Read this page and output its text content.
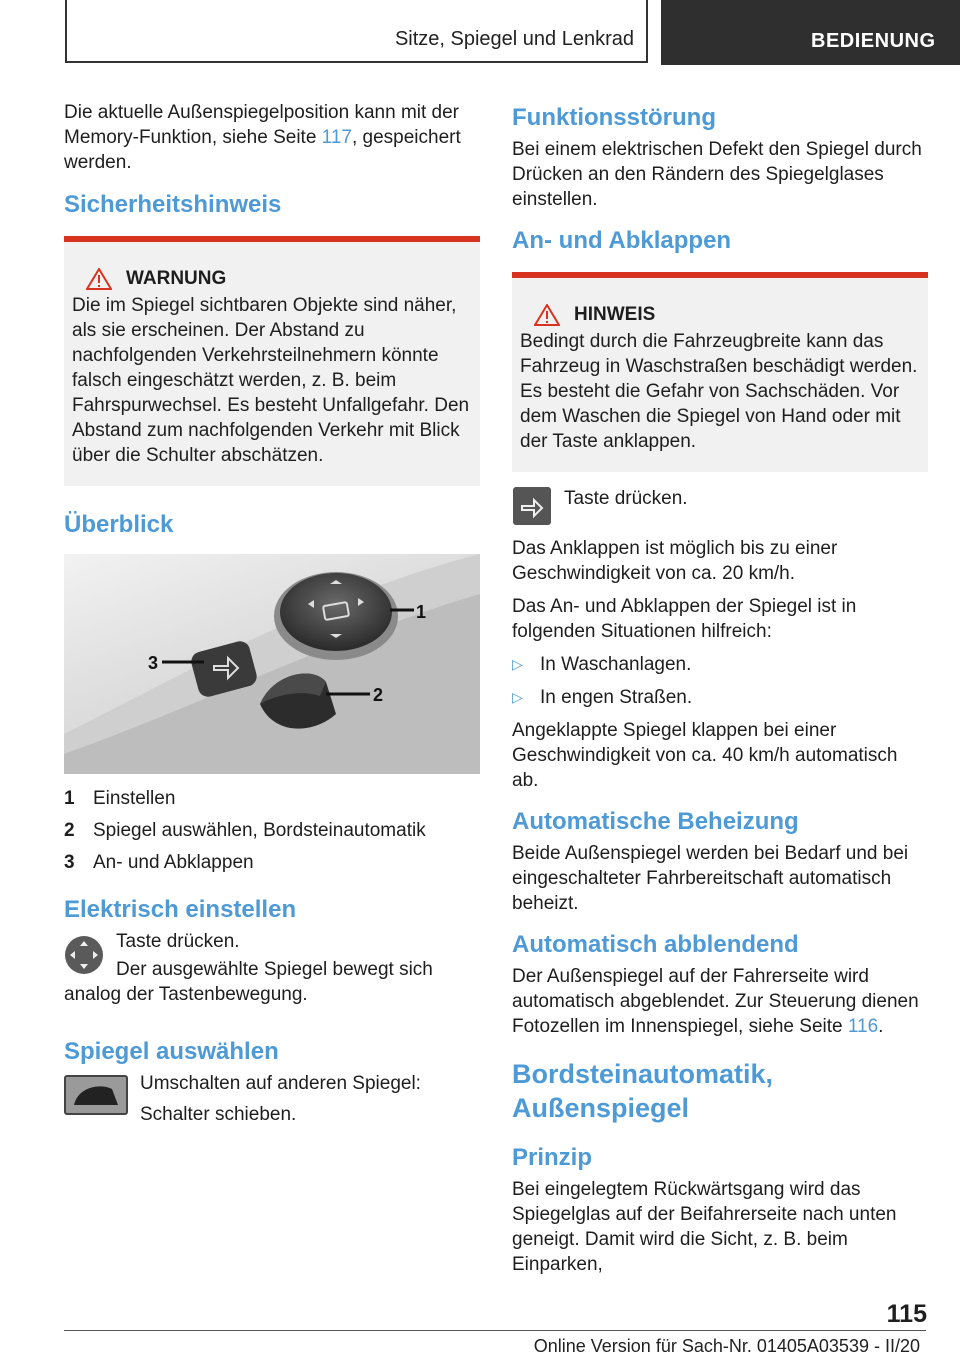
Sitze, Spiegel und Lenkrad	BEDIENUNG

Die aktuelle Außenspiegelposition kann mit der Memory-Funktion, siehe Seite 117, gespeichert werden.

Sicherheitshinweis
WARNUNG
Die im Spiegel sichtbaren Objekte sind näher, als sie erscheinen. Der Abstand zu nachfolgenden Verkehrsteilnehmern könnte falsch eingeschätzt werden, z. B. beim Fahrspurwechsel. Es besteht Unfallgefahr. Den Abstand zum nachfolgenden Verkehr mit Blick über die Schulter abschätzen.
Überblick
1
2
3
1 Einstellen
2 Spiegel auswählen, Bordsteinautomatik
3 An- und Abklappen
Elektrisch einstellen

Taste drücken.

Der ausgewählte Spiegel bewegt sich analog der Tastenbewegung.

Spiegel auswählen

Umschalten auf anderen Spiegel:

Schalter schieben.

Funktionsstörung

Bei einem elektrischen Defekt den Spiegel durch Drücken an den Rändern des Spiegelglases einstellen.

An- und Abklappen
HINWEIS
Bedingt durch die Fahrzeugbreite kann das Fahrzeug in Waschstraßen beschädigt werden. Es besteht die Gefahr von Sachschäden. Vor dem Waschen die Spiegel von Hand oder mit der Taste anklappen.

Taste drücken.

Das Anklappen ist möglich bis zu einer Geschwindigkeit von ca. 20 km/h.

Das An- und Abklappen der Spiegel ist in folgenden Situationen hilfreich:

▷ In Waschanlagen.
▷ In engen Straßen.

Angeklappte Spiegel klappen bei einer Geschwindigkeit von ca. 40 km/h automatisch ab.

Automatische Beheizung

Beide Außenspiegel werden bei Bedarf und bei eingeschalteter Fahrbereitschaft automatisch beheizt.

Automatisch abblendend

Der Außenspiegel auf der Fahrerseite wird automatisch abgeblendet. Zur Steuerung dienen Fotozellen im Innenspiegel, siehe Seite 116.

Bordsteinautomatik, Außenspiegel
Prinzip

Bei eingelegtem Rückwärtsgang wird das Spiegelglas auf der Beifahrerseite nach unten geneigt. Damit wird die Sicht, z. B. beim Einparken,

115
Online Version für Sach-Nr. 01405A03539 - II/20
